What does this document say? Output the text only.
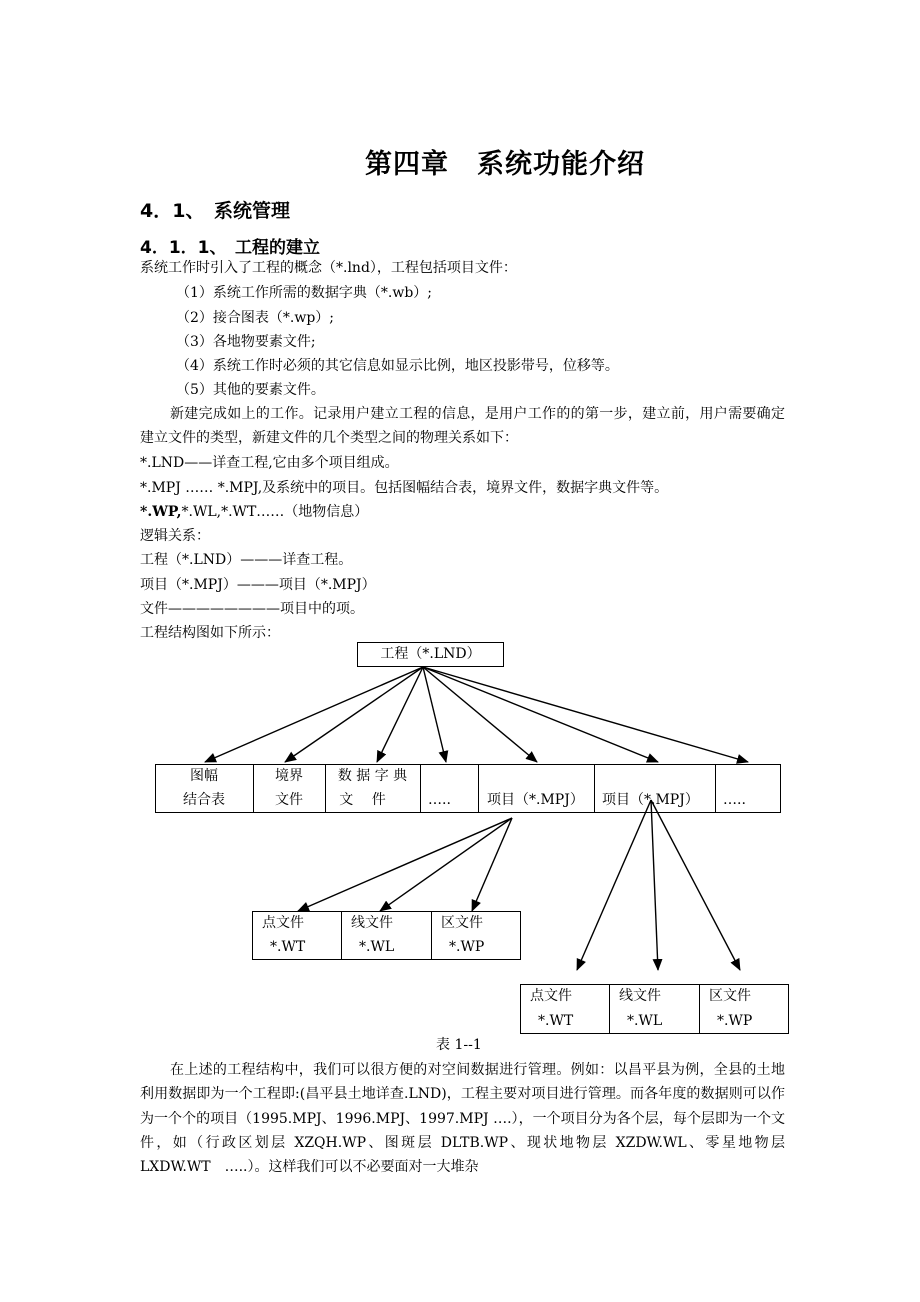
第四章　系统功能介绍
4．1、　系统管理
4．1．1、　工程的建立
系统工作时引入了工程的概念（*.lnd），工程包括项目文件：
（1）系统工作所需的数据字典（*.wb）;
（2）接合图表（*.wp）;
（3）各地物要素文件;
（4）系统工作时必须的其它信息如显示比例，地区投影带号，位移等。
（5）其他的要素文件。
新建完成如上的工作。记录用户建立工程的信息，是用户工作的的第一步，建立前，用户需要确定建立文件的类型，新建文件的几个类型之间的物理关系如下：
*.LND——详查工程,它由多个项目组成。
*.MPJ …… *.MPJ,及系统中的项目。包括图幅结合表，境界文件，数据字典文件等。
*.WP,*.WL,*.WT……（地物信息）
逻辑关系：
工程（*.LND）———详查工程。
项目（*.MPJ）———项目（*.MPJ）
文件————————项目中的项。
工程结构图如下所示：
工程（*.LND）
图幅
结合表
境界
文件
数 据 字 典
文　 件	…..	项目（*.MPJ） 项目（*.MPJ） …..
点文件
*.WT
线文件
*.WL
区文件
*.WP
点文件
*.WT
线文件
*.WL
区文件
*.WP
表 1--1
在上述的工程结构中，我们可以很方便的对空间数据进行管理。例如：以昌平县为例，全县的土地利用数据即为一个工程即:(昌平县土地详查.LND)，工程主要对项目进行管理。而各年度的数据则可以作为一个个的项目（1995.MPJ、1996.MPJ、1997.MPJ ….），一个项目分为各个层，每个层即为一个文件，如（行政区划层 XZQH.WP、图斑层 DLTB.WP、现状地物层 XZDW.WL、零星地物层 LXDW.WT　…..）。这样我们可以不必要面对一大堆杂
